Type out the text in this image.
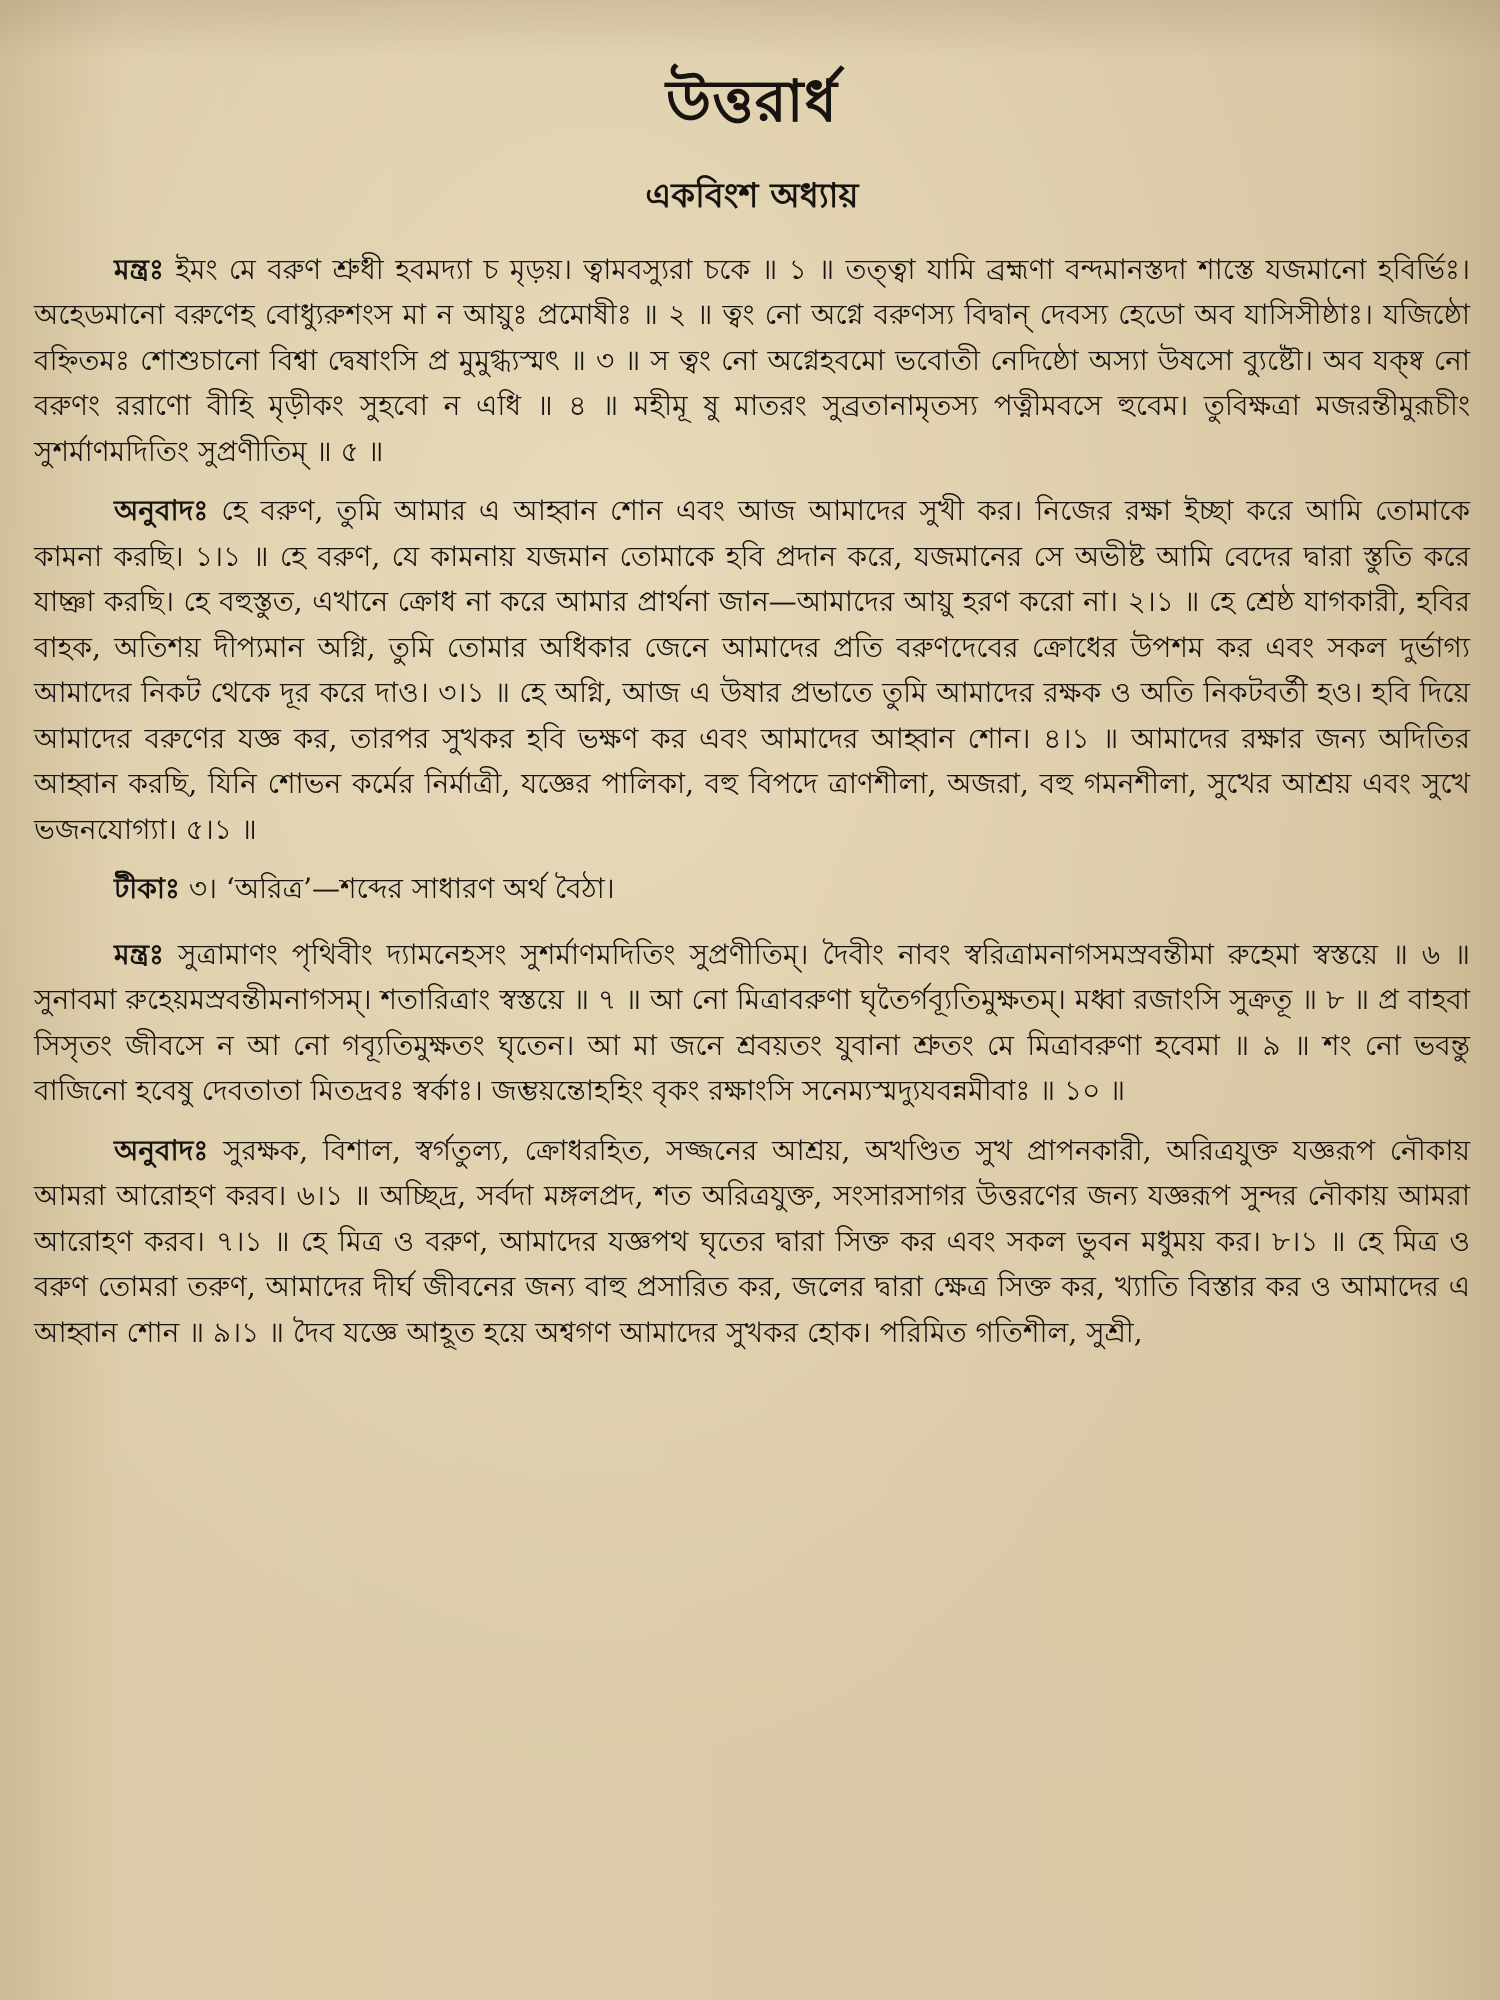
উত্তরার্ধ
একবিংশ অধ্যায়

মন্ত্রঃ ইমং মে বরুণ শ্রুধী হবমদ্যা চ মৃড়য়। ত্বামবস্যুরা চকে ॥ ১ ॥ তত্ত্বা যামি ব্রহ্মণা বন্দমানস্তদা শাস্তে যজমানো হবির্ভিঃ। অহেডমানো বরুণেহ বোধ্যুরুশংস মা ন আয়ুঃ প্রমোষীঃ ॥ ২ ॥ ত্বং নো অগ্নে বরুণস্য বিদ্বান্ দেবস্য হেডো অব যাসিসীষ্ঠাঃ। যজিষ্ঠো বহ্নিতমঃ শোশুচানো বিশ্বা দ্বেষাংসি প্র মুমুগ্ধ্যস্মৎ ॥ ৩ ॥ স ত্বং নো অগ্নেহবমো ভবোতী নেদিষ্ঠো অস্যা উষসো ব্যুষ্টৌ। অব যক্ষ্ব নো বরুণং ররাণো বীহি মৃড়ীকং সুহবো ন এধি ॥ ৪ ॥ মহীমূ ষু মাতরং সুব্রতানামৃতস্য পত্নীমবসে হুবেম। তুবিক্ষত্রা মজরন্তীমুরূচীং সুশর্মাণমদিতিং সুপ্রণীতিম্ ॥ ৫ ॥

অনুবাদঃ হে বরুণ, তুমি আমার এ আহ্বান শোন এবং আজ আমাদের সুখী কর। নিজের রক্ষা ইচ্ছা করে আমি তোমাকে কামনা করছি। ১।১ ॥ হে বরুণ, যে কামনায় যজমান তোমাকে হবি প্রদান করে, যজমানের সে অভীষ্ট আমি বেদের দ্বারা স্তুতি করে যাচ্ঞা করছি। হে বহুস্তুত, এখানে ক্রোধ না করে আমার প্রার্থনা জান—আমাদের আয়ু হরণ করো না। ২।১ ॥ হে শ্রেষ্ঠ যাগকারী, হবির বাহক, অতিশয় দীপ্যমান অগ্নি, তুমি তোমার অধিকার জেনে আমাদের প্রতি বরুণদেবের ক্রোধের উপশম কর এবং সকল দুর্ভাগ্য আমাদের নিকট থেকে দূর করে দাও। ৩।১ ॥ হে অগ্নি, আজ এ উষার প্রভাতে তুমি আমাদের রক্ষক ও অতি নিকটবর্তী হও। হবি দিয়ে আমাদের বরুণের যজ্ঞ কর, তারপর সুখকর হবি ভক্ষণ কর এবং আমাদের আহ্বান শোন। ৪।১ ॥ আমাদের রক্ষার জন্য অদিতির আহ্বান করছি, যিনি শোভন কর্মের নির্মাত্রী, যজ্ঞের পালিকা, বহু বিপদে ত্রাণশীলা, অজরা, বহু গমনশীলা, সুখের আশ্রয় এবং সুখে ভজনযোগ্যা। ৫।১ ॥

টীকাঃ ৩। ‘অরিত্র’—শব্দের সাধারণ অর্থ বৈঠা।

মন্ত্রঃ সুত্রামাণং পৃথিবীং দ্যামনেহসং সুশর্মাণমদিতিং সুপ্রণীতিম্। দৈবীং নাবং স্বরিত্রামনাগসমস্রবন্তীমা রুহেমা স্বস্তয়ে ॥ ৬ ॥ সুনাবমা রুহেয়মস্রবন্তীমনাগসম্। শতারিত্রাং স্বস্তয়ে ॥ ৭ ॥ আ নো মিত্রাবরুণা ঘৃতৈর্গব্যূতিমুক্ষতম্। মধ্বা রজাংসি সুক্রতূ ॥ ৮ ॥ প্র বাহবা সিসৃতং জীবসে ন আ নো গব্যূতিমুক্ষতং ঘৃতেন। আ মা জনে শ্রবয়তং যুবানা শ্রুতং মে মিত্রাবরুণা হবেমা ॥ ৯ ॥ শং নো ভবন্তু বাজিনো হবেষু দেবতাতা মিতদ্রবঃ স্বর্কাঃ। জম্ভয়ন্তোহহিং বৃকং রক্ষাংসি সনেম্যস্মদ্যুযবন্নমীবাঃ ॥ ১০ ॥

অনুবাদঃ সুরক্ষক, বিশাল, স্বর্গতুল্য, ক্রোধরহিত, সজ্জনের আশ্রয়, অখণ্ডিত সুখ প্রাপনকারী, অরিত্রযুক্ত যজ্ঞরূপ নৌকায় আমরা আরোহণ করব। ৬।১ ॥ অচ্ছিদ্র, সর্বদা মঙ্গলপ্রদ, শত অরিত্রযুক্ত, সংসারসাগর উত্তরণের জন্য যজ্ঞরূপ সুন্দর নৌকায় আমরা আরোহণ করব। ৭।১ ॥ হে মিত্র ও বরুণ, আমাদের যজ্ঞপথ ঘৃতের দ্বারা সিক্ত কর এবং সকল ভুবন মধুময় কর। ৮।১ ॥ হে মিত্র ও বরুণ তোমরা তরুণ, আমাদের দীর্ঘ জীবনের জন্য বাহু প্রসারিত কর, জলের দ্বারা ক্ষেত্র সিক্ত কর, খ্যাতি বিস্তার কর ও আমাদের এ আহ্বান শোন ॥ ৯।১ ॥ দৈব যজ্ঞে আহূত হয়ে অশ্বগণ আমাদের সুখকর হোক। পরিমিত গতিশীল, সুশ্রী,
